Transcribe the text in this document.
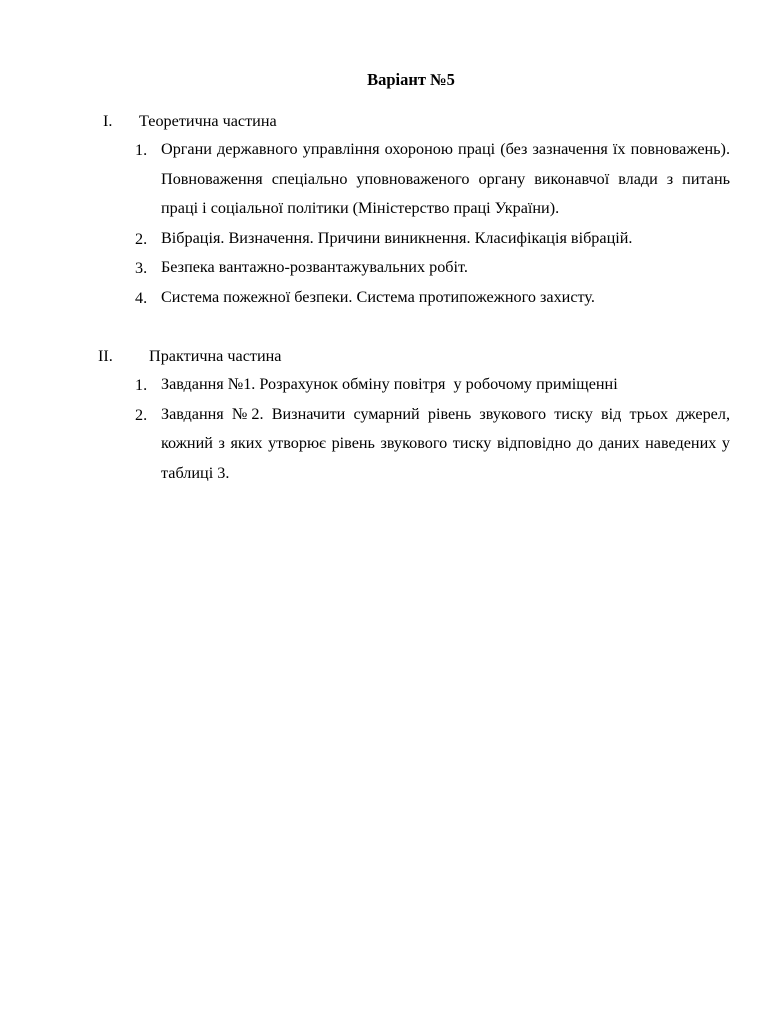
Варіант №5
I. Теоретична частина
1. Органи державного управління охороною праці (без зазначення їх повноважень). Повноваження спеціально уповноваженого органу виконавчої влади з питань праці і соціальної політики (Міністерство праці України).
2. Вібрація. Визначення. Причини виникнення. Класифікація вібрацій.
3. Безпека вантажно-розвантажувальних робіт.
4. Система пожежної безпеки. Система протипожежного захисту.
II. Практична частина
1. Завдання №1. Розрахунок обміну повітря  у робочому приміщенні
2. Завдання №2. Визначити сумарний рівень звукового тиску від трьох джерел, кожний з яких утворює рівень звукового тиску відповідно до даних наведених у таблиці 3.
